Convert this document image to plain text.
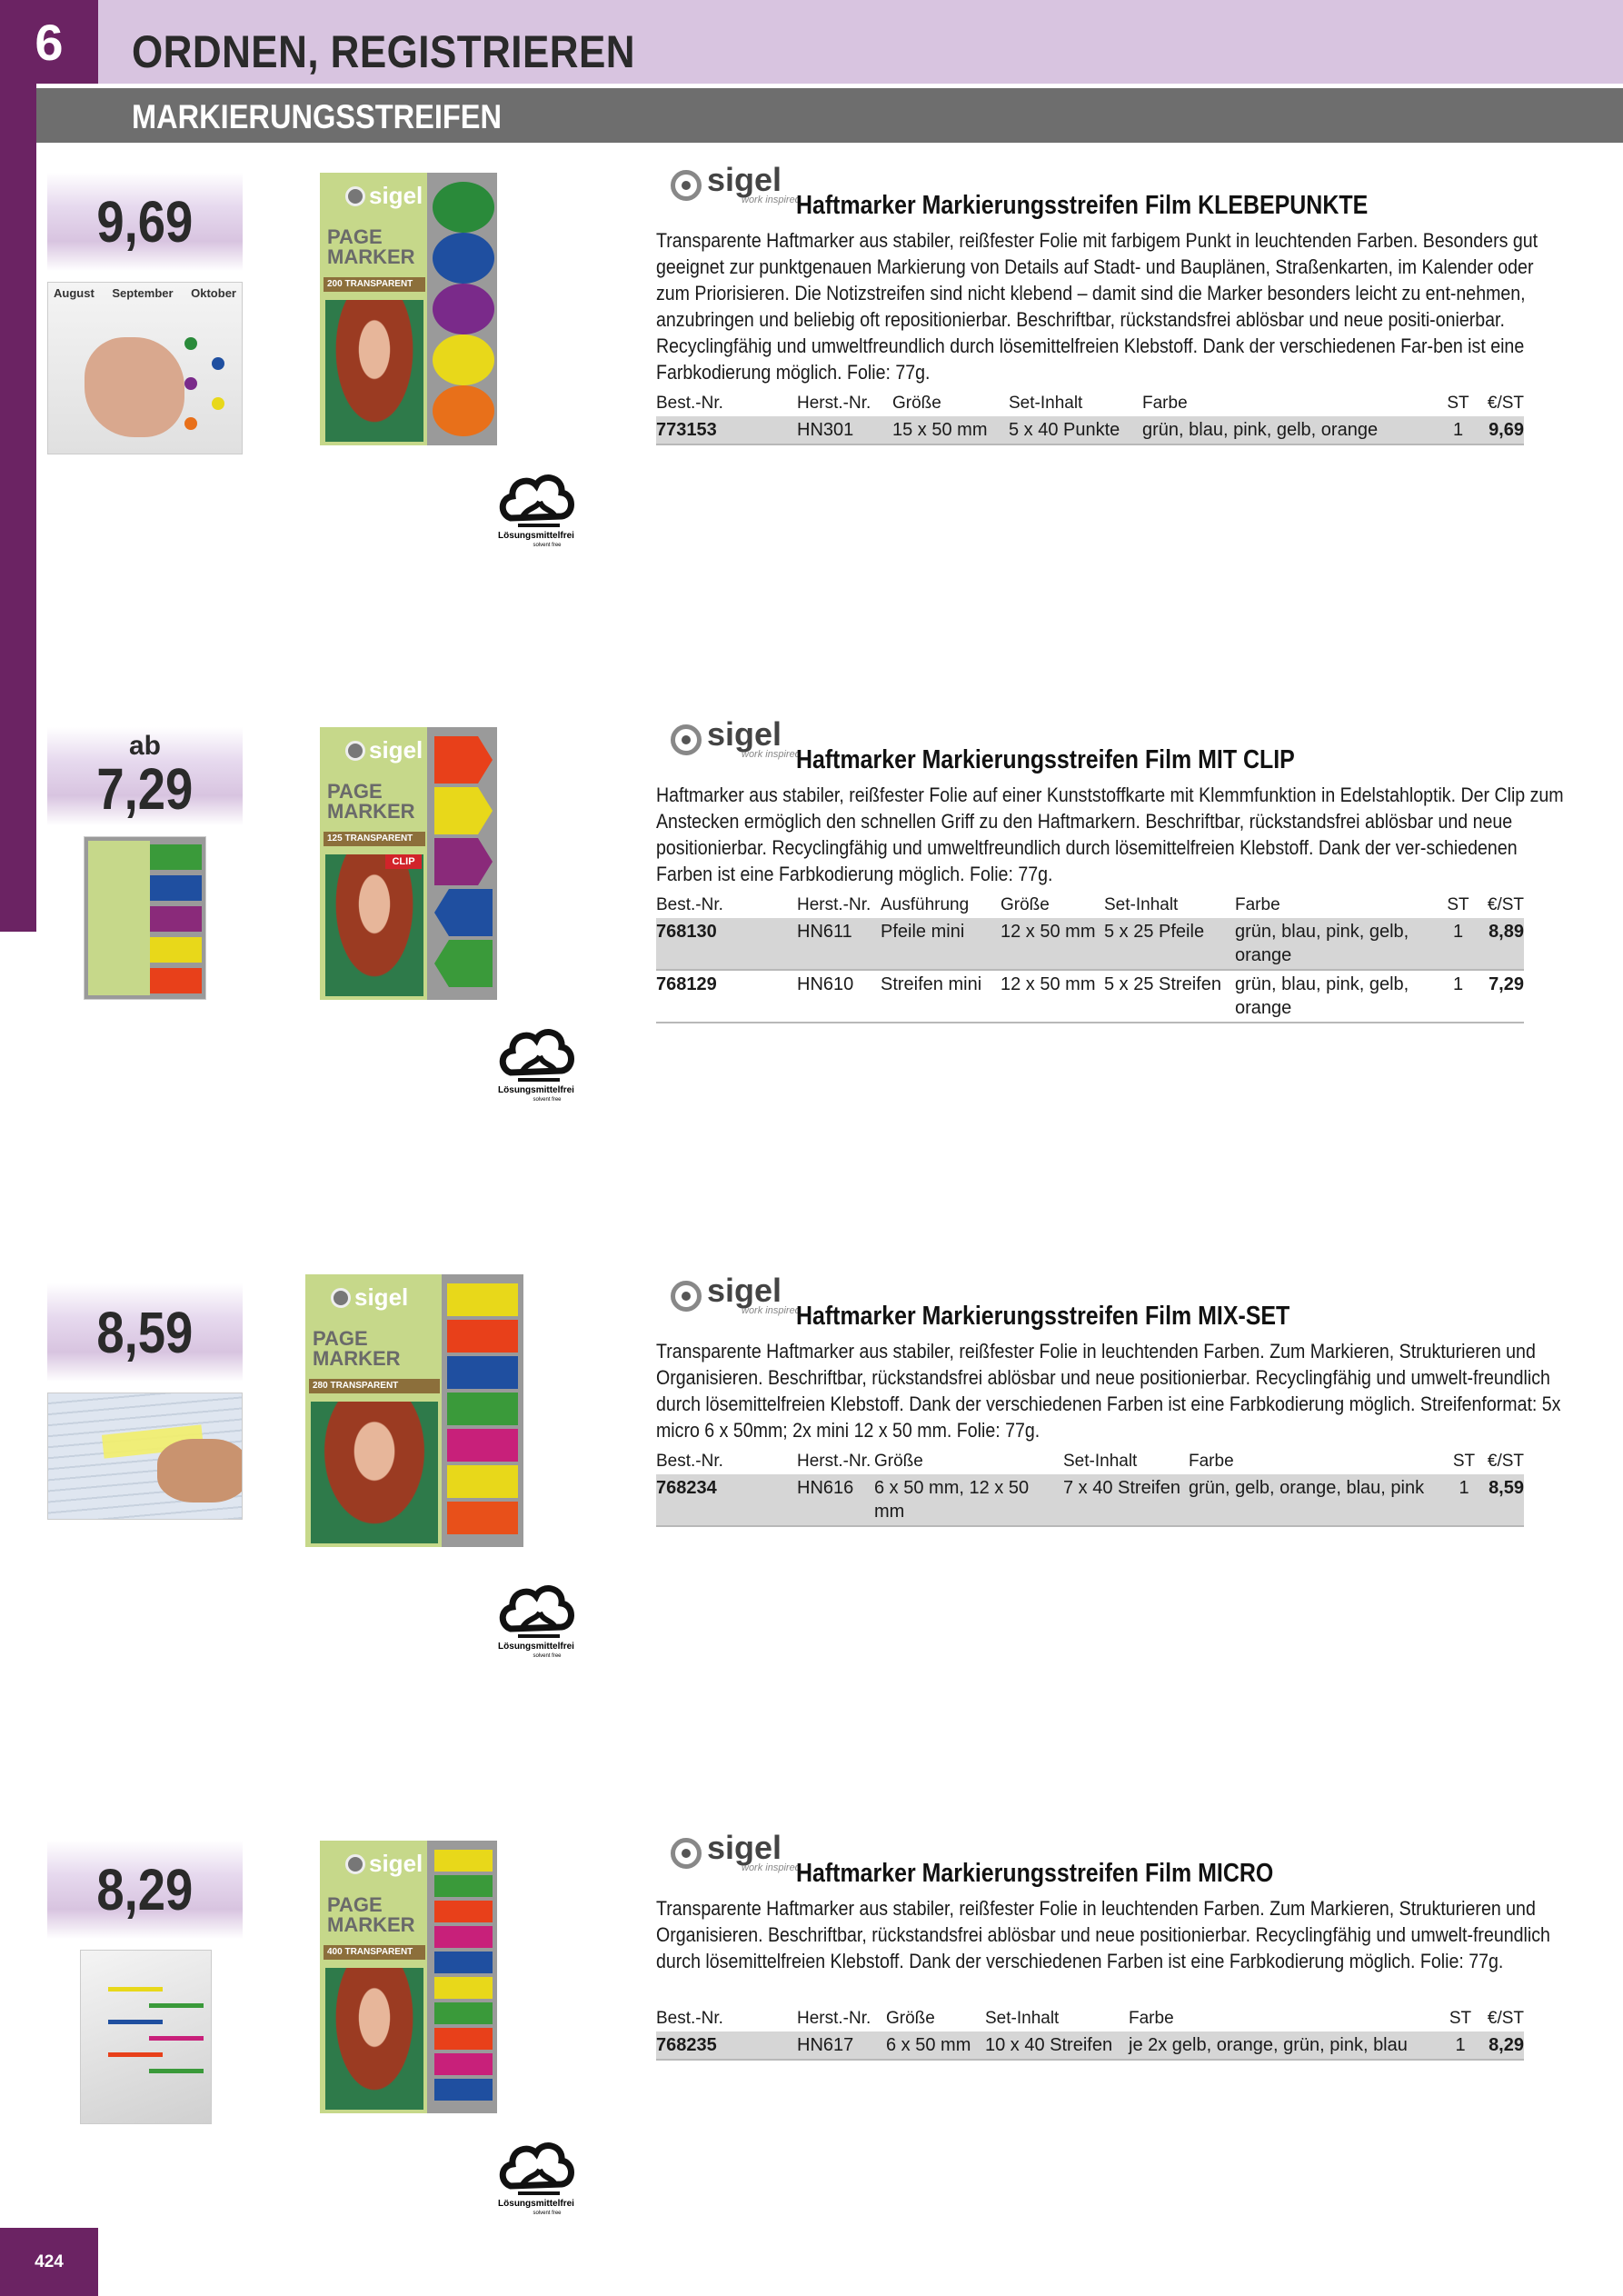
6	ORDNEN, REGISTRIEREN
MARKIERUNGSSTREIFEN
9,69
August September Oktober
sigel
PAGE MARKER
200 TRANSPARENT
Lösungsmittelfrei
solvent free
sigel
work inspired
Haftmarker Markierungsstreifen Film KLEBEPUNKTE
Transparente Haftmarker aus stabiler, reißfester Folie mit farbigem Punkt in leuchtenden Farben. Besonders gut geeignet zur punktgenauen Markierung von Details auf Stadt- und Bauplänen, Straßenkarten, im Kalender oder zum Priorisieren. Die Notizstreifen sind nicht klebend – damit sind die Marker besonders leicht zu ent-nehmen, anzubringen und beliebig oft repositionierbar. Beschriftbar, rückstandsfrei ablösbar und neue positi-onierbar. Recyclingfähig und umweltfreundlich durch lösemittelfreien Klebstoff. Dank der verschiedenen Far-ben ist eine Farbkodierung möglich. Folie: 77g.
Best.-Nr.	Herst.-Nr.	Größe	Set-Inhalt	Farbe	ST	€/ST
773153	HN301	15 x 50 mm	5 x 40 Punkte	grün, blau, pink, gelb, orange	1	9,69
ab
7,29
sigel
PAGE MARKER
125 TRANSPARENT
CLIP
Lösungsmittelfrei
solvent free
sigel
work inspired
Haftmarker Markierungsstreifen Film MIT CLIP
Haftmarker aus stabiler, reißfester Folie auf einer Kunststoffkarte mit Klemmfunktion in Edelstahloptik. Der Clip zum Anstecken ermöglich den schnellen Griff zu den Haftmarkern. Beschriftbar, rückstandsfrei ablösbar und neue positionierbar. Recyclingfähig und umweltfreundlich durch lösemittelfreien Klebstoff. Dank der ver-schiedenen Farben ist eine Farbkodierung möglich. Folie: 77g.
Best.-Nr.	Herst.-Nr.	Ausführung	Größe	Set-Inhalt	Farbe	ST	€/ST
768130	HN611	Pfeile mini	12 x 50 mm	5 x 25 Pfeile	grün, blau, pink, gelb, orange	1	8,89
768129	HN610	Streifen mini	12 x 50 mm	5 x 25 Streifen	grün, blau, pink, gelb, orange	1	7,29
8,59
sigel
PAGE MARKER
280 TRANSPARENT
Lösungsmittelfrei
solvent free
sigel
work inspired
Haftmarker Markierungsstreifen Film MIX-SET
Transparente Haftmarker aus stabiler, reißfester Folie in leuchtenden Farben. Zum Markieren, Strukturieren und Organisieren. Beschriftbar, rückstandsfrei ablösbar und neue positionierbar. Recyclingfähig und umwelt-freundlich durch lösemittelfreien Klebstoff. Dank der verschiedenen Farben ist eine Farbkodierung möglich. Streifenformat: 5x micro 6 x 50mm; 2x mini 12 x 50 mm. Folie: 77g.
Best.-Nr.	Herst.-Nr.	Größe	Set-Inhalt	Farbe	ST	€/ST
768234	HN616	6 x 50 mm, 12 x 50 mm	7 x 40 Streifen	grün, gelb, orange, blau, pink	1	8,59
8,29	sigel
PAGE MARKER
400 TRANSPARENT
Lösungsmittelfrei
solvent free
sigel
work inspired
Haftmarker Markierungsstreifen Film MICRO
Transparente Haftmarker aus stabiler, reißfester Folie in leuchtenden Farben. Zum Markieren, Strukturieren und Organisieren. Beschriftbar, rückstandsfrei ablösbar und neue positionierbar. Recyclingfähig und umwelt-freundlich durch lösemittelfreien Klebstoff. Dank der verschiedenen Farben ist eine Farbkodierung möglich. Folie: 77g.
Best.-Nr.	Herst.-Nr.	Größe	Set-Inhalt	Farbe	ST	€/ST
768235	HN617	6 x 50 mm	10 x 40 Streifen	je 2x gelb, orange, grün, pink, blau	1	8,29
424
